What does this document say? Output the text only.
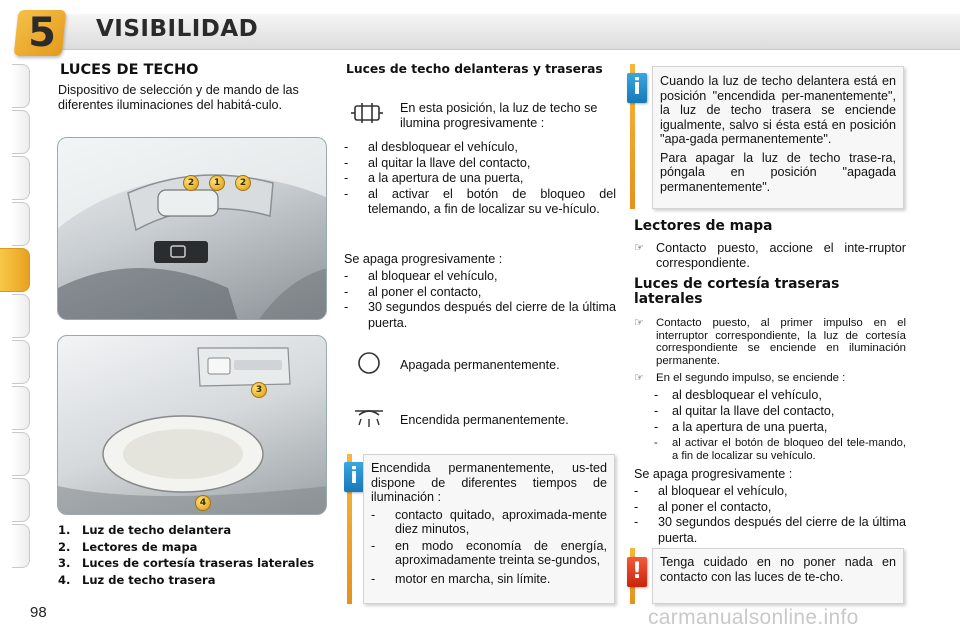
5 VISIBILIDAD
LUCES DE TECHO
Dispositivo de selección y de mando de las diferentes iluminaciones del habitá-culo.
2	1	2
3
4
1.	Luz de techo delantera
2.	Lectores de mapa
3.	Luces de cortesía traseras laterales
4.	Luz de techo trasera
Luces de techo delanteras y traseras
En esta posición, la luz de techo se ilumina progresivamente :
-	al desbloquear el vehículo,
-	al quitar la llave del contacto,
-	a la apertura de una puerta,
-	al activar el botón de bloqueo del telemando, a fin de localizar su ve-hículo.
Se apaga progresivamente :
-	al bloquear el vehículo,
-	al poner el contacto,
-	30 segundos después del cierre de la última puerta.
Apagada permanentemente.
Encendida permanentemente.
i	Encendida permanentemente, us-ted dispone de diferentes tiempos de iluminación :
-	contacto quitado, aproximada-mente diez minutos,
-	en modo economía de energía, aproximadamente treinta se-gundos,
-	motor en marcha, sin límite.
i	Cuando la luz de techo delantera está en posición "encendida per-manentemente", la luz de techo trasera se enciende igualmente, salvo si ésta está en posición "apa-gada permanentemente".
Para apagar la luz de techo trase-ra, póngala en posición "apagada permanentemente".
Lectores de mapa
☞ Contacto puesto, accione el inte-rruptor correspondiente.
Luces de cortesía traseras laterales
☞	Contacto puesto, al primer impulso en el interruptor correspondiente, la luz de cortesía correspondiente se enciende en iluminación permanente.
☞	En el segundo impulso, se enciende :
-	al desbloquear el vehículo,
-	al quitar la llave del contacto,
-	a la apertura de una puerta,
-	al activar el botón de bloqueo del tele-mando, a fin de localizar su vehículo.
Se apaga progresivamente :
-	al bloquear el vehículo,
-	al poner el contacto,
-	30 segundos después del cierre de la última puerta.
!	Tenga cuidado en no poner nada en contacto con las luces de te-cho.
98	carmanualsonline.info
